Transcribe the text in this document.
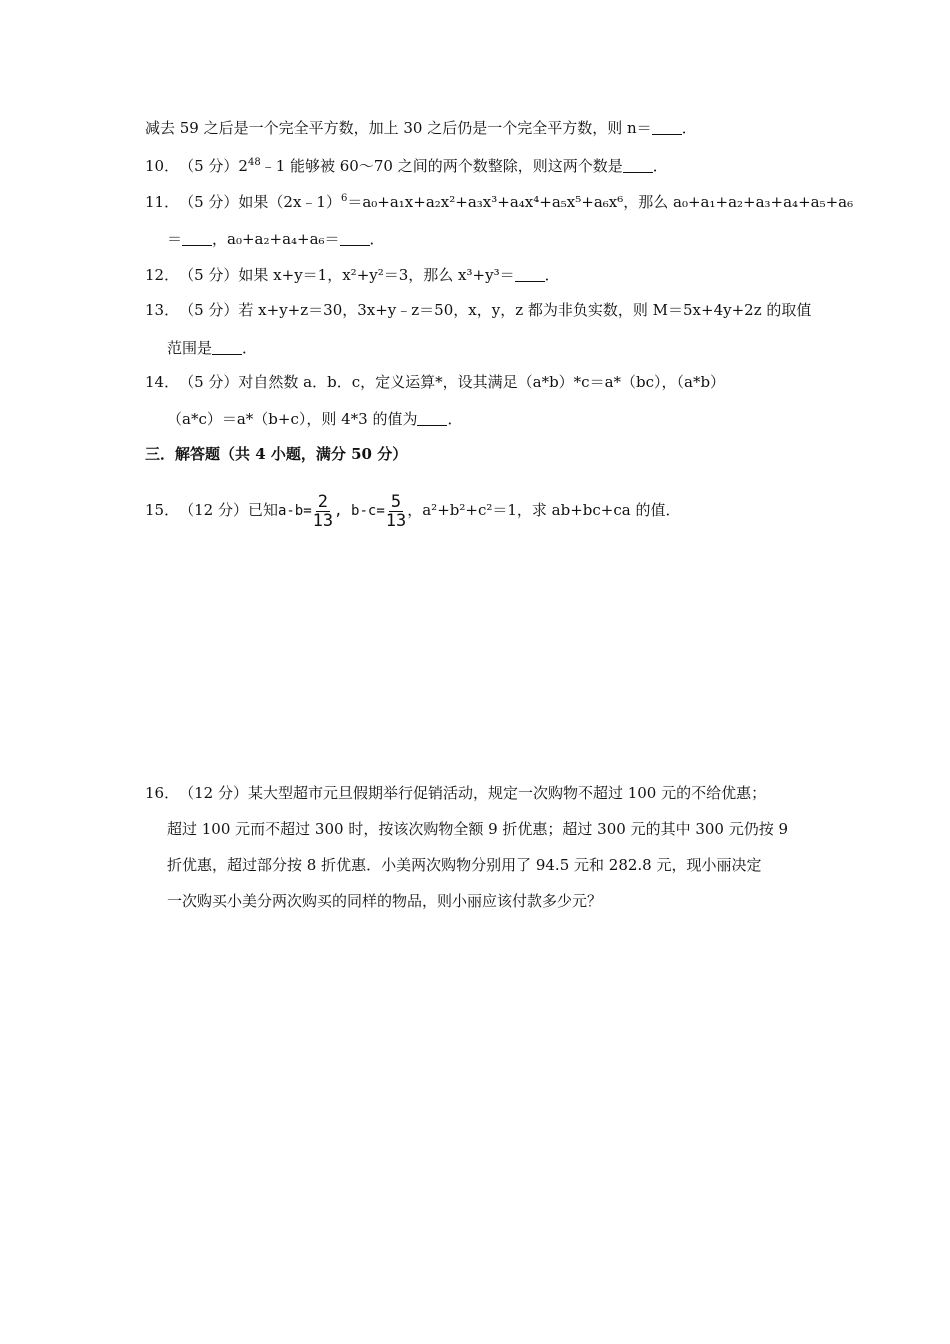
减去 59 之后是一个完全平方数，加上 30 之后仍是一个完全平方数，则 n＝ ．
10．（5 分）$2^{48}﹣1$ 能够被 60～70 之间的两个数整除，则这两个数是 ．
11．（5 分）如果（2x﹣1）$^6$＝a₀+a₁x+a₂x²+a₃x³+a₄x⁴+a₅x⁵+a₆x⁶，那么 a₀+a₁+a₂+a₃+a₄+a₅+a₆
＝ ，a₀+a₂+a₄+a₆＝ ．
12．（5 分）如果 x+y＝1，x²+y²＝3，那么 x³+y³＝ ．
13．（5 分）若 x+y+z＝30，3x+y﹣z＝50，x，y，z 都为非负实数，则 M＝5x+4y+2z 的取值
范围是 ．
14．（5 分）对自然数 a．b．c，定义运算*，设其满足（a*b）*c＝a*（bc），（a*b）
（a*c）＝a*（b+c），则 4*3 的值为 ．
三．解答题（共 4 小题，满分 50 分）
15．（12 分）已知$a-b= \frac{2}{13}$ , $b-c= \frac{5}{13}$ ，a²+b²+c²＝1，求 ab+bc+ca 的值．
16．（12 分）某大型超市元旦假期举行促销活动，规定一次购物不超过 100 元的不给优惠；
超过 100 元而不超过 300 时，按该次购物全额 9 折优惠；超过 300 元的其中 300 元仍按 9
折优惠，超过部分按 8 折优惠．小美两次购物分别用了 94.5 元和 282.8 元，现小丽决定
一次购买小美分两次购买的同样的物品，则小丽应该付款多少元？
